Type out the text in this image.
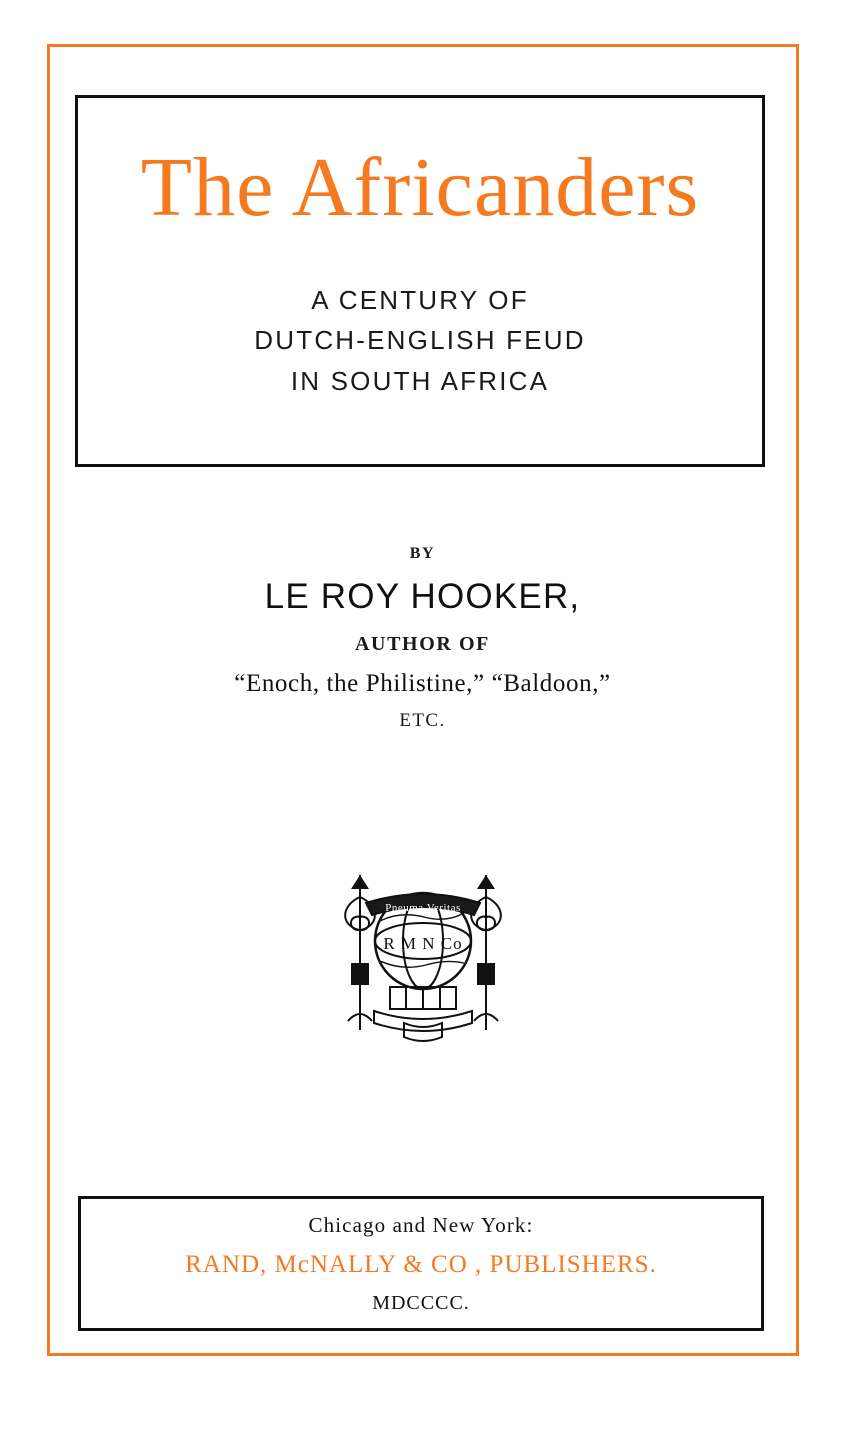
The Africanders
A CENTURY OF
DUTCH-ENGLISH FEUD
IN SOUTH AFRICA
BY
LE ROY HOOKER,
AUTHOR OF
“Enoch, the Philistine,” “Baldoon,”
ETC.
Pneuma Veritas
R M N Co
Chicago and New York:
RAND, McNALLY & CO , PUBLISHERS.
MDCCCC.
